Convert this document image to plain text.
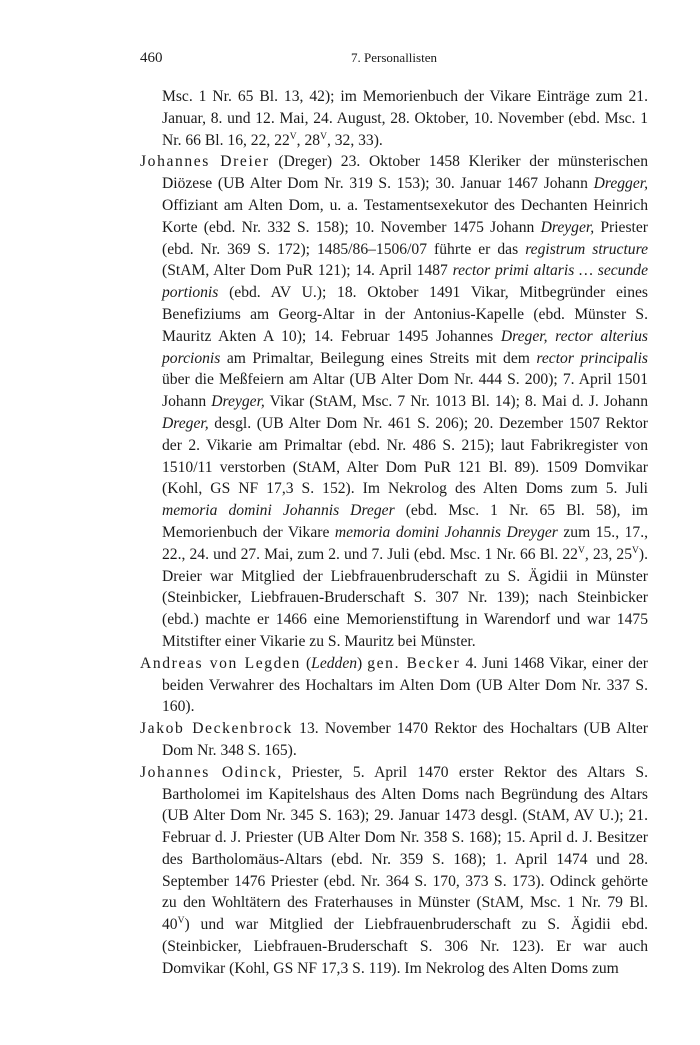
460	7. Personallisten

Msc. 1 Nr. 65 Bl. 13, 42); im Memorienbuch der Vikare Einträge zum 21. Januar, 8. und 12. Mai, 24. August, 28. Oktober, 10. November (ebd. Msc. 1 Nr. 66 Bl. 16, 22, $22^V$, $28^V$, 32, 33).

Johannes Dreier (Dreger) 23. Oktober 1458 Kleriker der münsterischen Diözese (UB Alter Dom Nr. 319 S. 153); 30. Januar 1467 Johann Dregger, Offiziant am Alten Dom, u. a. Testamentsexekutor des Dechanten Heinrich Korte (ebd. Nr. 332 S. 158); 10. November 1475 Johann Dreyger, Priester (ebd. Nr. 369 S. 172); 1485/86–1506/07 führte er das registrum structure (StAM, Alter Dom PuR 121); 14. April 1487 rector primi altaris … secunde portionis (ebd. AV U.); 18. Oktober 1491 Vikar, Mitbegründer eines Benefiziums am Georg-Altar in der Antonius-Kapelle (ebd. Münster S. Mauritz Akten A 10); 14. Februar 1495 Johannes Dreger, rector alterius porcionis am Primaltar, Beilegung eines Streits mit dem rector principalis über die Meßfeiern am Altar (UB Alter Dom Nr. 444 S. 200); 7. April 1501 Johann Dreyger, Vikar (StAM, Msc. 7 Nr. 1013 Bl. 14); 8. Mai d. J. Johann Dreger, desgl. (UB Alter Dom Nr. 461 S. 206); 20. Dezember 1507 Rektor der 2. Vikarie am Primaltar (ebd. Nr. 486 S. 215); laut Fabrikregister von 1510/11 verstorben (StAM, Alter Dom PuR 121 Bl. 89). 1509 Domvikar (Kohl, GS NF 17,3 S. 152). Im Nekrolog des Alten Doms zum 5. Juli memoria domini Johannis Dreger (ebd. Msc. 1 Nr. 65 Bl. 58), im Memorienbuch der Vikare memoria domini Johannis Dreyger zum 15., 17., 22., 24. und 27. Mai, zum 2. und 7. Juli (ebd. Msc. 1 Nr. 66 Bl. $22^V$, 23, $25^V$). Dreier war Mitglied der Liebfrauenbruderschaft zu S. Ägidii in Münster (Steinbicker, Liebfrauen-Bruderschaft S. 307 Nr. 139); nach Steinbicker (ebd.) machte er 1466 eine Memorienstiftung in Warendorf und war 1475 Mitstifter einer Vikarie zu S. Mauritz bei Münster.

Andreas von Legden (Ledden) gen. Becker 4. Juni 1468 Vikar, einer der beiden Verwahrer des Hochaltars im Alten Dom (UB Alter Dom Nr. 337 S. 160).

Jakob Deckenbrock 13. November 1470 Rektor des Hochaltars (UB Alter Dom Nr. 348 S. 165).

Johannes Odinck, Priester, 5. April 1470 erster Rektor des Altars S. Bartholomei im Kapitelshaus des Alten Doms nach Begründung des Altars (UB Alter Dom Nr. 345 S. 163); 29. Januar 1473 desgl. (StAM, AV U.); 21. Februar d. J. Priester (UB Alter Dom Nr. 358 S. 168); 15. April d. J. Besitzer des Bartholomäus-Altars (ebd. Nr. 359 S. 168); 1. April 1474 und 28. September 1476 Priester (ebd. Nr. 364 S. 170, 373 S. 173). Odinck gehörte zu den Wohltätern des Fraterhauses in Münster (StAM, Msc. 1 Nr. 79 Bl. $40^V$) und war Mitglied der Liebfrauenbruderschaft zu S. Ägidii ebd. (Steinbicker, Liebfrauen-Bruderschaft S. 306 Nr. 123). Er war auch Domvikar (Kohl, GS NF 17,3 S. 119). Im Nekrolog des Alten Doms zum
